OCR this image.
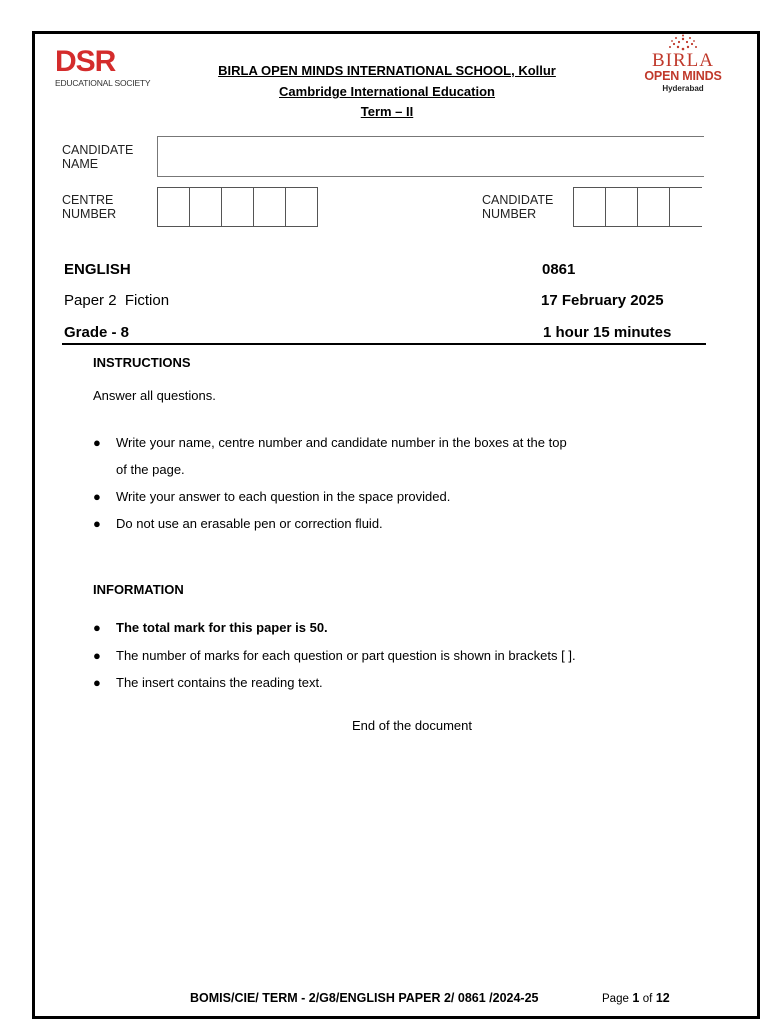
DSR
EDUCATIONAL SOCIETY
BIRLA
OPEN MINDS
Hyderabad
BIRLA OPEN MINDS INTERNATIONAL SCHOOL, Kollur
Cambridge International Education
Term – II
CANDIDATE
NAME
CENTRE
NUMBER
CANDIDATE
NUMBER
ENGLISH	0861
Paper 2 Fiction	17 February 2025
Grade - 8	1 hour 15 minutes
INSTRUCTIONS
Answer all questions.
● Write your name, centre number and candidate number in the boxes at the top
of the page.
● Write your answer to each question in the space provided.
● Do not use an erasable pen or correction fluid.
INFORMATION
● The total mark for this paper is 50.
● The number of marks for each question or part question is shown in brackets [ ].
● The insert contains the reading text.
End of the document
BOMIS/CIE/ TERM - 2/G8/ENGLISH PAPER 2/ 0861 /2024-25	Page 1 of 12
